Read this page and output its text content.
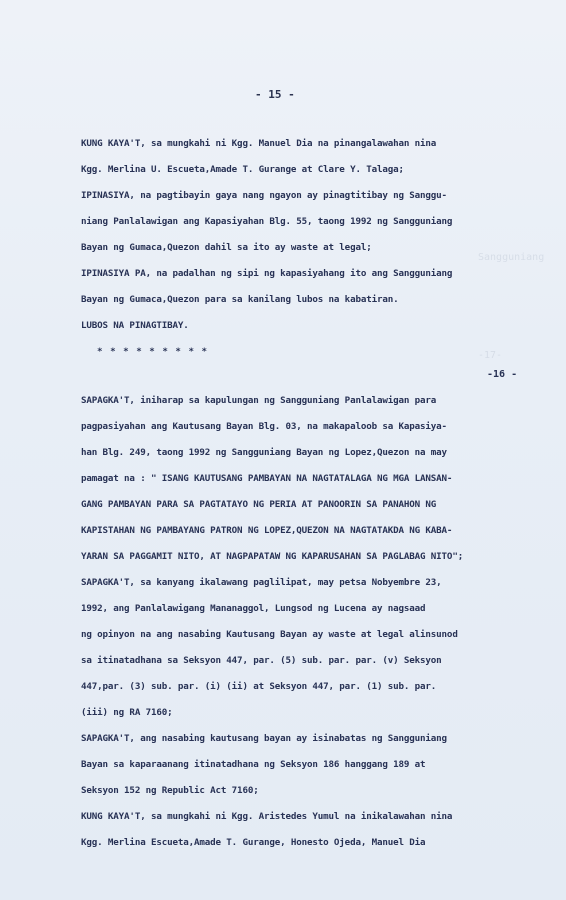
Sangguniang
-17-
- 15 -
KUNG KAYA'T, sa mungkahi ni Kgg. Manuel Dia na pinangalawahan nina
Kgg. Merlina U. Escueta,Amade T. Gurange at Clare Y. Talaga;
IPINASIYA, na pagtibayin gaya nang ngayon ay pinagtitibay ng Sanggu-
niang Panlalawigan ang Kapasiyahan Blg. 55, taong 1992 ng Sangguniang
Bayan ng Gumaca,Quezon dahil sa ito ay waste at legal;
IPINASIYA PA, na padalhan ng sipi ng kapasiyahang ito ang Sangguniang
Bayan ng Gumaca,Quezon para sa kanilang lubos na kabatiran.
LUBOS NA PINAGTIBAY.
* * * * * * * * *
-16 -
SAPAGKA'T, iniharap sa kapulungan ng Sangguniang Panlalawigan para
pagpasiyahan ang Kautusang Bayan Blg. 03, na makapaloob sa Kapasiya-
han Blg. 249, taong 1992 ng Sangguniang Bayan ng Lopez,Quezon na may
pamagat na : " ISANG KAUTUSANG PAMBAYAN NA NAGTATALAGA NG MGA LANSAN-
GANG PAMBAYAN PARA SA PAGTATAYO NG PERIA AT PANOORIN SA PANAHON NG
KAPISTAHAN NG PAMBAYANG PATRON NG LOPEZ,QUEZON NA NAGTATAKDA NG KABA-
YARAN SA PAGGAMIT NITO, AT NAGPAPATAW NG KAPARUSAHAN SA PAGLABAG NITO";
SAPAGKA'T, sa kanyang ikalawang paglilipat, may petsa Nobyembre 23,
1992, ang Panlalawigang Mananaggol, Lungsod ng Lucena ay nagsaad
ng opinyon na ang nasabing Kautusang Bayan ay waste at legal alinsunod
sa itinatadhana sa Seksyon 447, par. (5) sub. par. par. (v) Seksyon
447,par. (3) sub. par. (i) (ii) at Seksyon 447, par. (1) sub. par.
(iii) ng RA 7160;
SAPAGKA'T, ang nasabing kautusang bayan ay isinabatas ng Sangguniang
Bayan sa kaparaanang itinatadhana ng Seksyon 186 hanggang 189 at
Seksyon 152 ng Republic Act 7160;
KUNG KAYA'T, sa mungkahi ni Kgg. Aristedes Yumul na inikalawahan nina
Kgg. Merlina Escueta,Amade T. Gurange, Honesto Ojeda, Manuel Dia
